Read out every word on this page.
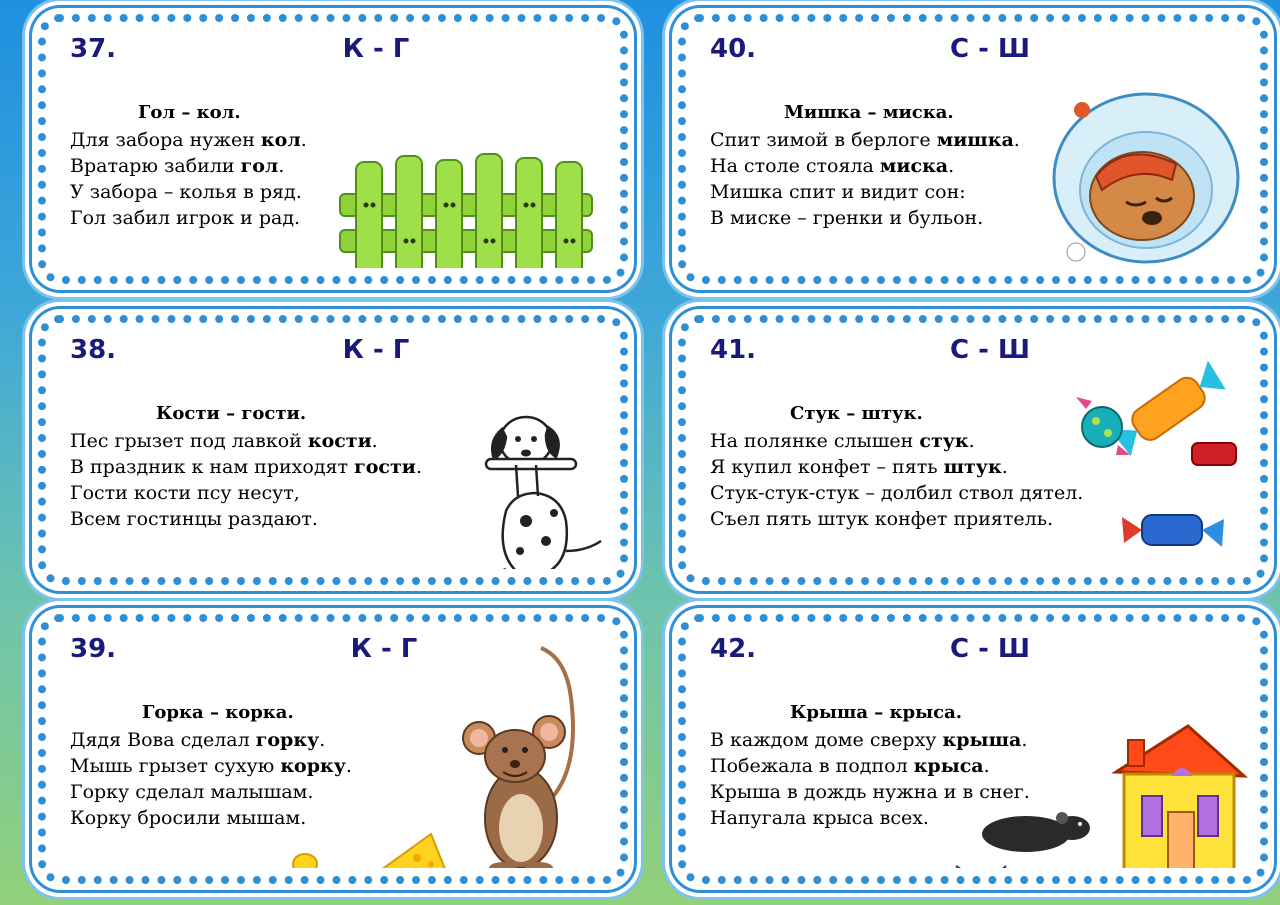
37.	К - Г
Гол – кол.
Для забора нужен кол.
Вратарю забили гол.
У забора – колья в ряд.
Гол забил игрок и рад.
38.	К - Г
Кости – гости.
Пес грызет под лавкой кости.
В праздник к нам приходят гости.
Гости кости псу несут,
Всем гостинцы раздают.
39.	К - Г
Горка – корка.
Дядя Вова сделал горку.
Мышь грызет сухую корку.
Горку сделал малышам.
Корку бросили мышам.
40.	С - Ш
Мишка – миска.
Спит зимой в берлоге мишка.
На столе стояла миска.
Мишка спит и видит сон:
В миске – гренки и бульон.
41.	С - Ш
Стук – штук.
На полянке слышен стук.
Я купил конфет – пять штук.
Стук-стук-стук – долбил ствол дятел.
Съел пять штук конфет приятель.
42.	С - Ш
Крыша – крыса.
В каждом доме сверху крыша.
Побежала в подпол крыса.
Крыша в дождь нужна и в снег.
Напугала крыса всех.
